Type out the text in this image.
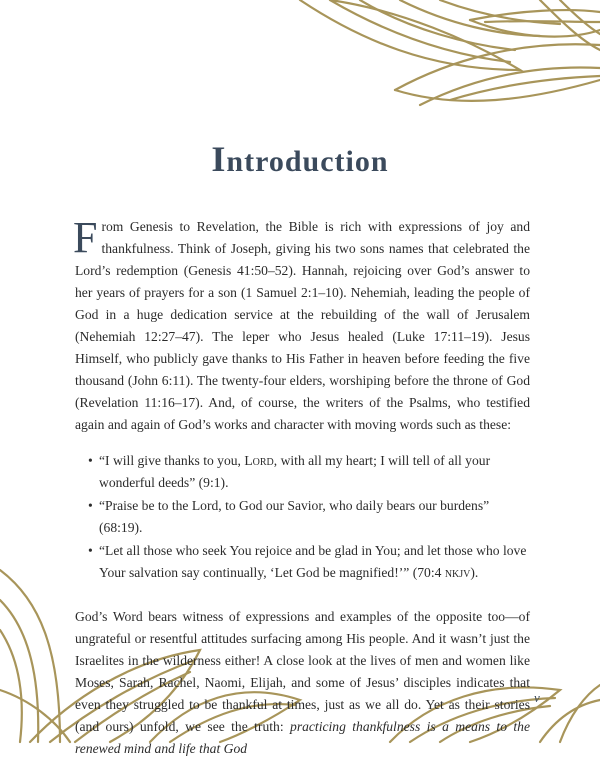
Introduction
From Genesis to Revelation, the Bible is rich with expressions of joy and thankfulness. Think of Joseph, giving his two sons names that celebrated the Lord’s redemption (Genesis 41:50–52). Hannah, rejoicing over God’s answer to her years of prayers for a son (1 Samuel 2:1–10). Nehemiah, leading the people of God in a huge dedication service at the rebuilding of the wall of Jerusalem (Nehemiah 12:27–47). The leper who Jesus healed (Luke 17:11–19). Jesus Himself, who publicly gave thanks to His Father in heaven before feeding the five thousand (John 6:11). The twenty-four elders, worshiping before the throne of God (Revelation 11:16–17). And, of course, the writers of the Psalms, who testified again and again of God’s works and character with moving words such as these:
• “I will give thanks to you, Lord, with all my heart; I will tell of all your wonderful deeds” (9:1).
• “Praise be to the Lord, to God our Savior, who daily bears our burdens” (68:19).
• “Let all those who seek You rejoice and be glad in You; and let those who love Your salvation say continually, ‘Let God be magnified!’” (70:4 nkjv).
God’s Word bears witness of expressions and examples of the opposite too—of ungrateful or resentful attitudes surfacing among His people. And it wasn’t just the Israelites in the wilderness either! A close look at the lives of men and women like Moses, Sarah, Rachel, Naomi, Elijah, and some of Jesus’ disciples indicates that even they struggled to be thankful at times, just as we all do. Yet as their stories (and ours) unfold, we see the truth: practicing thankfulness is a means to the renewed mind and life that God
v
